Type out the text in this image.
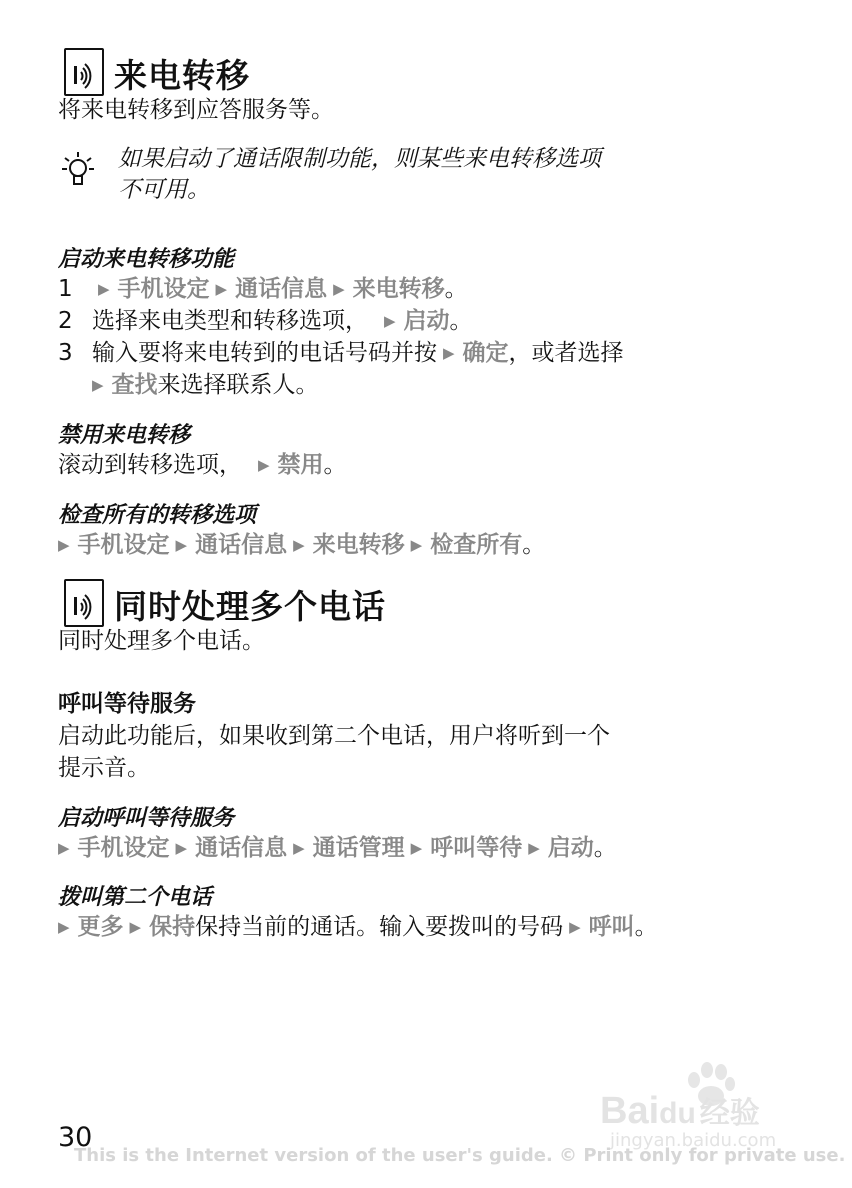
来电转移
将来电转移到应答服务等。
如果启动了通话限制功能，则某些来电转移选项
不可用。
启动来电转移功能
1 ▶ 手机设定 ▶ 通话信息 ▶ 来电转移。
2 选择来电类型和转移选项， ▶ 启动。
3 输入要将来电转到的电话号码并按 ▶ 确定，或者选择
▶ 查找来选择联系人。
禁用来电转移
滚动到转移选项， ▶ 禁用。
检查所有的转移选项
▶ 手机设定 ▶ 通话信息 ▶ 来电转移 ▶ 检查所有。
同时处理多个电话
同时处理多个电话。
呼叫等待服务
启动此功能后，如果收到第二个电话，用户将听到一个
提示音。
启动呼叫等待服务
▶ 手机设定 ▶ 通话信息 ▶ 通话管理 ▶ 呼叫等待 ▶ 启动。
拨叫第二个电话
▶ 更多 ▶ 保持保持当前的通话。输入要拨叫的号码 ▶ 呼叫。
Baidu 经验
jingyan.baidu.com
30
This is the Internet version of the user's guide. © Print only for private use.
